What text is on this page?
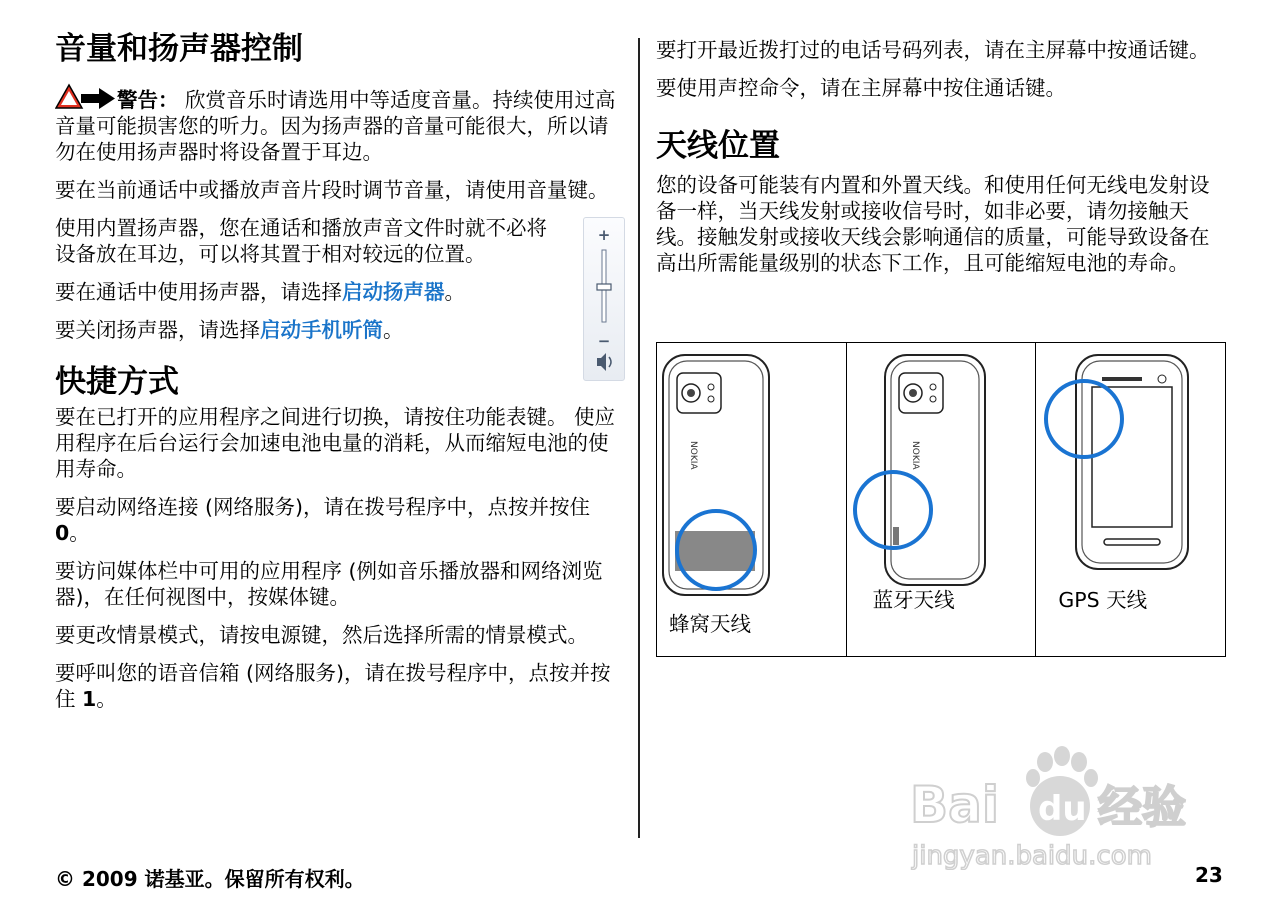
音量和扬声器控制

警告： 欣赏音乐时请选用中等适度音量。持续使用过高音量可能损害您的听力。因为扬声器的音量可能很大，所以请勿在使用扬声器时将设备置于耳边。

要在当前通话中或播放声音片段时调节音量，请使用音量键。

使用内置扬声器，您在通话和播放声音文件时就不必将设备放在耳边，可以将其置于相对较远的位置。

要在通话中使用扬声器，请选择启动扬声器。

要关闭扬声器，请选择启动手机听筒。

+
−
快捷方式

要在已打开的应用程序之间进行切换，请按住功能表键。 使应用程序在后台运行会加速电池电量的消耗，从而缩短电池的使用寿命。

要启动网络连接 (网络服务)，请在拨号程序中，点按并按住 0。

要访问媒体栏中可用的应用程序 (例如音乐播放器和网络浏览器)，在任何视图中，按媒体键。

要更改情景模式，请按电源键，然后选择所需的情景模式。

要呼叫您的语音信箱 (网络服务)，请在拨号程序中，点按并按住 1。

要打开最近拨打过的电话号码列表，请在主屏幕中按通话键。

要使用声控命令，请在主屏幕中按住通话键。

天线位置

您的设备可能装有内置和外置天线。和使用任何无线电发射设备一样，当天线发射或接收信号时，如非必要，请勿接触天线。接触发射或接收天线会影响通信的质量，可能导致设备在高出所需能量级别的状态下工作，且可能缩短电池的寿命。

NOKIA
蜂窝天线
NOKIA
蓝牙天线	GPS 天线
Bai du 经验
jingyan.baidu.com
© 2009 诺基亚。保留所有权利。	23
